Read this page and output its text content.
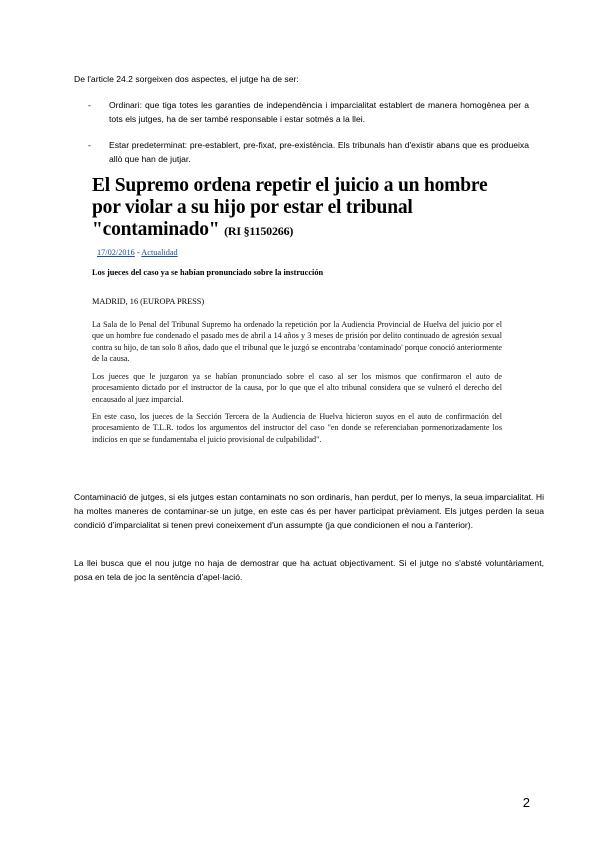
De l'article 24.2 sorgeixen dos aspectes, el jutge ha de ser:
- Ordinari: que tiga totes les garanties de independència i imparcialitat establert de manera homogènea per a tots els jutges, ha de ser també responsable i estar sotmés a la llei.
- Estar predeterminat: pre-establert, pre-fixat, pre-existència. Els tribunals han d'existir abans que es produeixa allò que han de jutjar.
El Supremo ordena repetir el juicio a un hombre por violar a su hijo por estar el tribunal "contaminado" (RI §1150266)
17/02/2016 - Actualidad
Los jueces del caso ya se habían pronunciado sobre la instrucción
MADRID, 16 (EUROPA PRESS)
La Sala de lo Penal del Tribunal Supremo ha ordenado la repetición por la Audiencia Provincial de Huelva del juicio por el que un hombre fue condenado el pasado mes de abril a 14 años y 3 meses de prisión por delito continuado de agresión sexual contra su hijo, de tan solo 8 años, dado que el tribunal que le juzgó se encontraba 'contaminado' porque conoció anteriormente de la causa.
Los jueces que le juzgaron ya se habían pronunciado sobre el caso al ser los mismos que confirmaron el auto de procesamiento dictado por el instructor de la causa, por lo que que el alto tribunal considera que se vulneró el derecho del encausado al juez imparcial.
En este caso, los jueces de la Sección Tercera de la Audiencia de Huelva hicieron suyos en el auto de confirmación del procesamiento de T.L.R. todos los argumentos del instructor del caso "en donde se referenciaban pormenorizadamente los indicios en que se fundamentaba el juicio provisional de culpabilidad".
Contaminació de jutges, si els jutges estan contaminats no son ordinaris, han perdut, per lo menys, la seua imparcialitat. Hi ha moltes maneres de contaminar-se un jutge, en este cas és per haver participat prèviament. Els jutges perden la seua condició d'imparcialitat si tenen previ coneixement d'un assumpte (ja que condicionen el nou a l'anterior).
La llei busca que el nou jutge no haja de demostrar que ha actuat objectivament. Si el jutge no s'absté voluntàriament, posa en tela de joc la sentència d'apel·lació.
2
